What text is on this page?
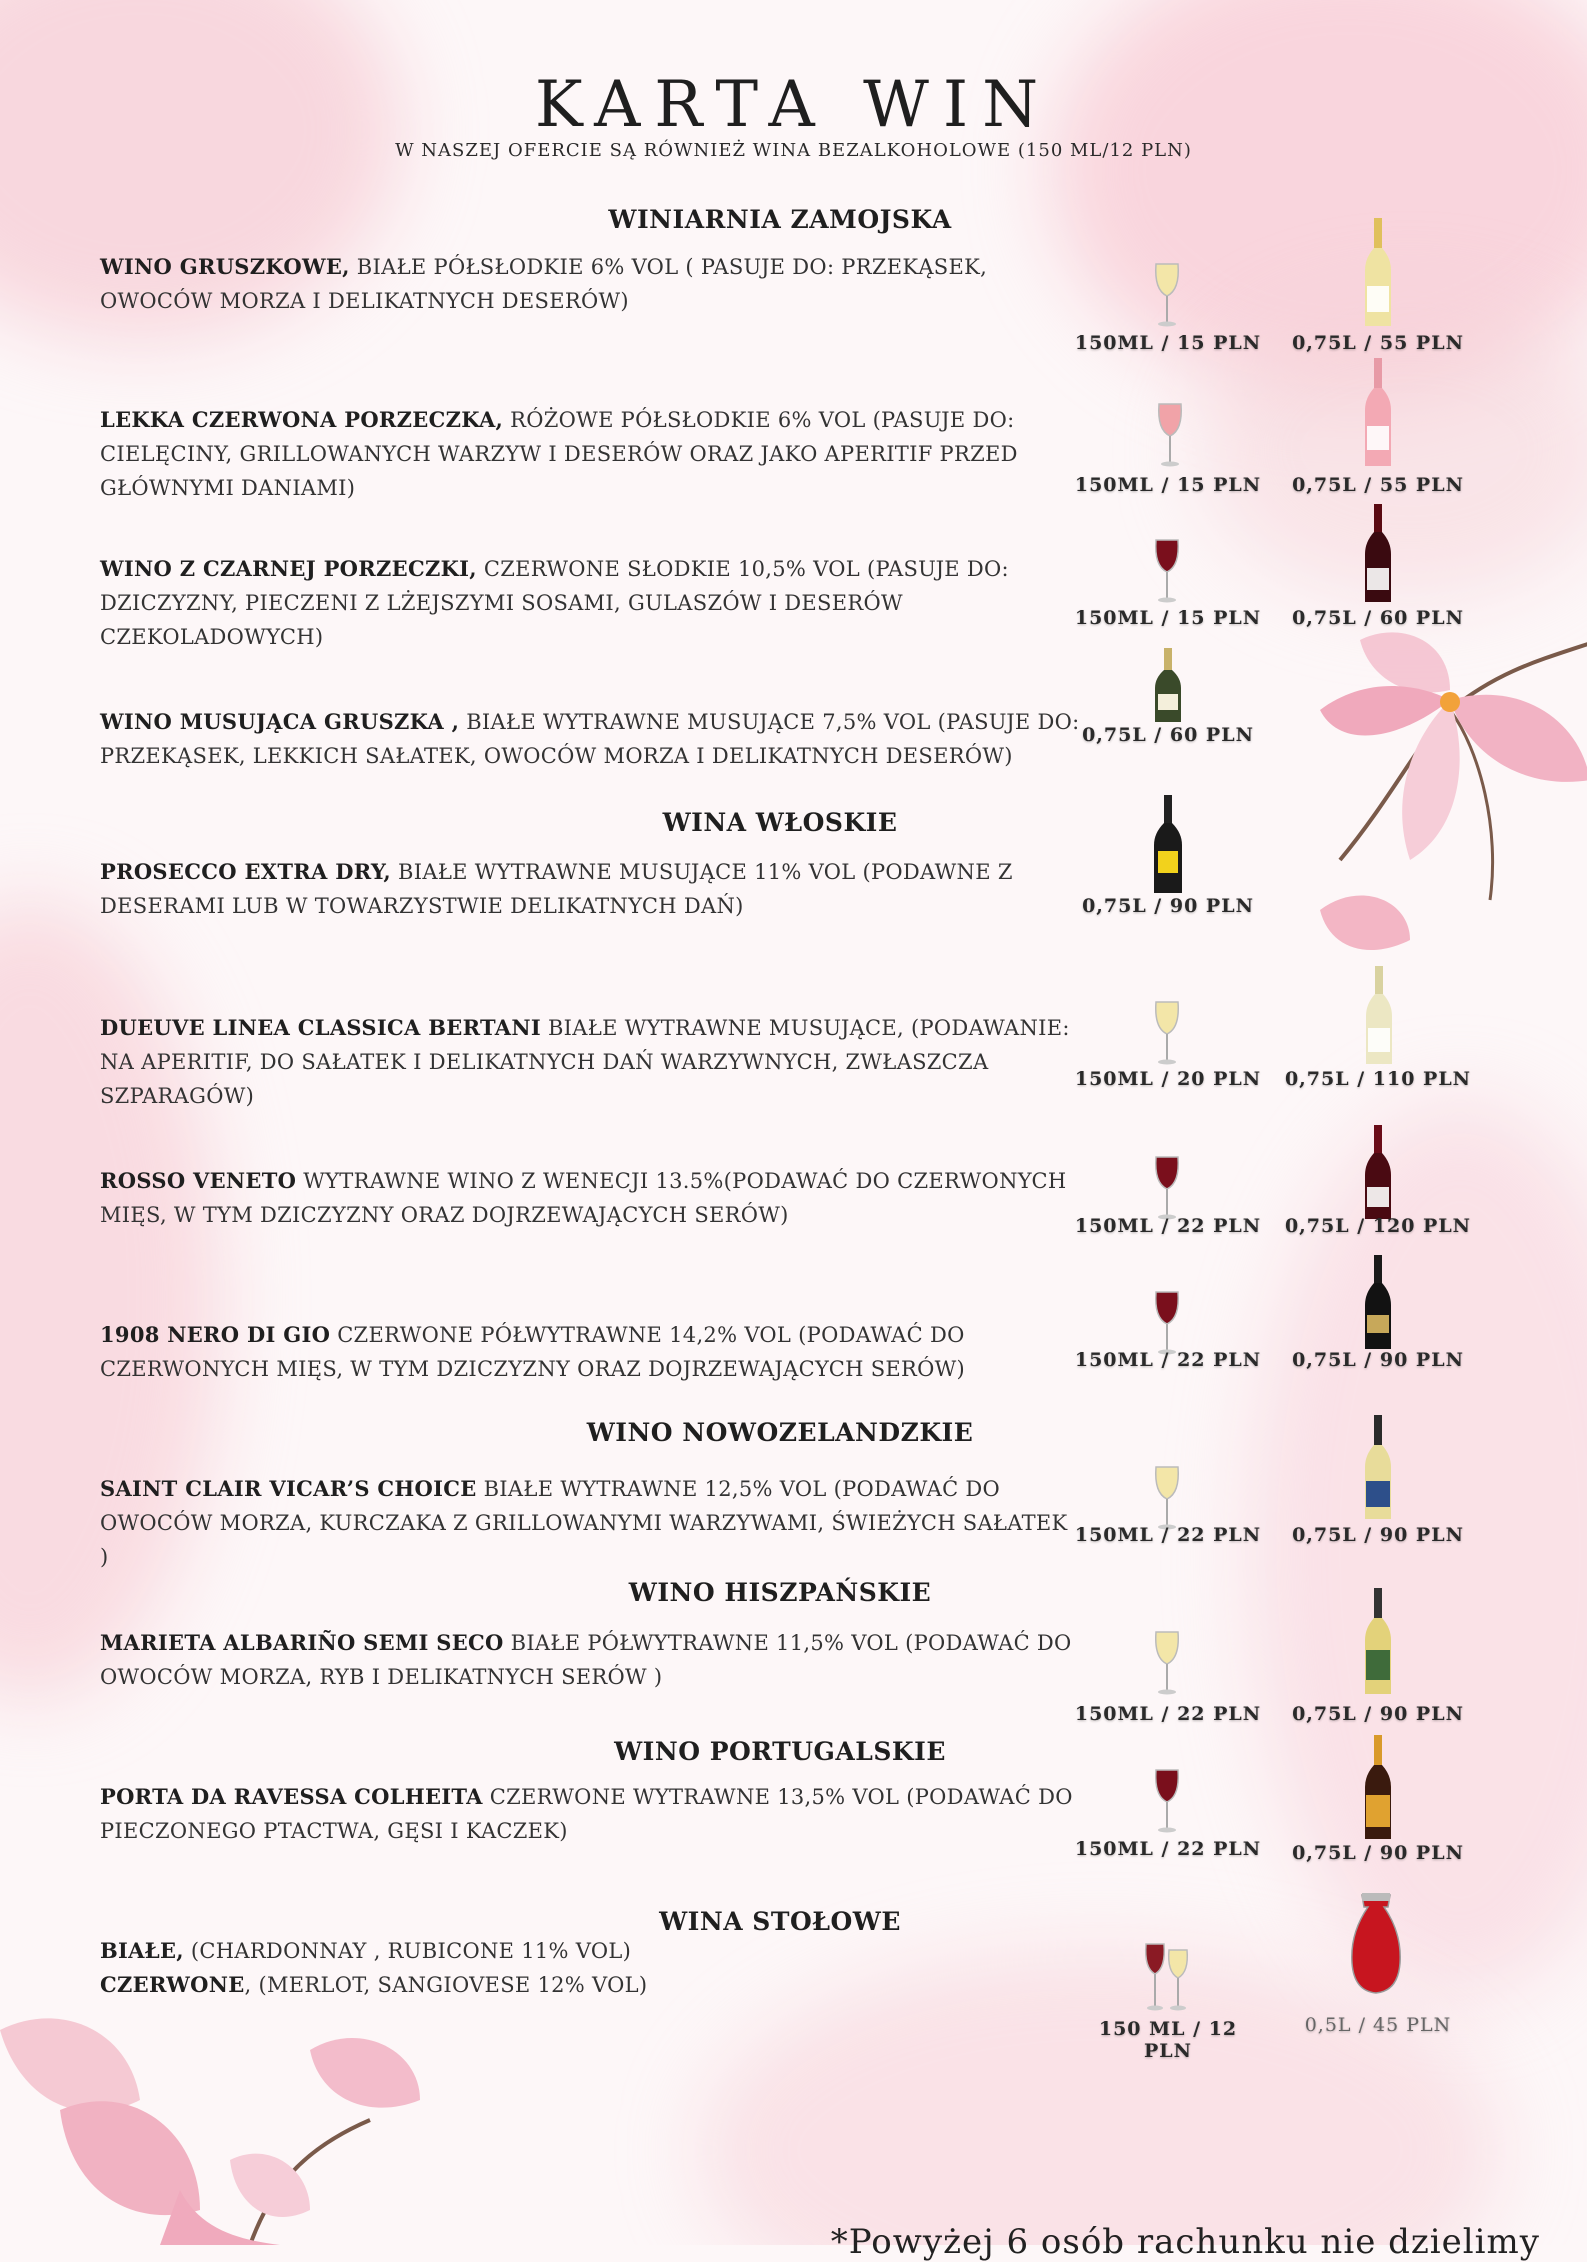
KARTA WIN
W NASZEJ OFERCIE SĄ RÓWNIEŻ WINA BEZALKOHOLOWE (150 ML/12 PLN)
WINIARNIA ZAMOJSKA
WINO GRUSZKOWE, BIAŁE PÓŁSŁODKIE 6% VOL ( PASUJE DO: PRZEKĄSEK, OWOCÓW MORZA I DELIKATNYCH DESERÓW)
150ML / 15 PLN	0,75L / 55 PLN
LEKKA CZERWONA PORZECZKA, RÓŻOWE PÓŁSŁODKIE 6% VOL (PASUJE DO: CIELĘCINY, GRILLOWANYCH WARZYW I DESERÓW ORAZ JAKO APERITIF PRZED GŁÓWNYMI DANIAMI)	150ML / 15 PLN	0,75L / 55 PLN
WINO Z CZARNEJ PORZECZKI, CZERWONE SŁODKIE 10,5% VOL (PASUJE DO: DZICZYZNY, PIECZENI Z LŻEJSZYMI SOSAMI, GULASZÓW I DESERÓW CZEKOLADOWYCH)
150ML / 15 PLN	0,75L / 60 PLN
WINO MUSUJĄCA GRUSZKA , BIAŁE WYTRAWNE MUSUJĄCE 7,5% VOL (PASUJE DO: PRZEKĄSEK, LEKKICH SAŁATEK, OWOCÓW MORZA I DELIKATNYCH DESERÓW)
0,75L / 60 PLN
WINA WŁOSKIE
PROSECCO EXTRA DRY, BIAŁE WYTRAWNE MUSUJĄCE 11% VOL (PODAWNE Z DESERAMI LUB W TOWARZYSTWIE DELIKATNYCH DAŃ)	0,75L / 90 PLN
DUEUVE LINEA CLASSICA BERTANI BIAŁE WYTRAWNE MUSUJĄCE, (PODAWANIE: NA APERITIF, DO SAŁATEK I DELIKATNYCH DAŃ WARZYWNYCH, ZWŁASZCZA SZPARAGÓW)
150ML / 20 PLN 0,75L / 110 PLN
ROSSO VENETO WYTRAWNE WINO Z WENECJI 13.5%(PODAWAĆ DO CZERWONYCH MIĘS, W TYM DZICZYZNY ORAZ DOJRZEWAJĄCYCH SERÓW)	150ML / 22 PLN 0,75L / 120 PLN
1908 NERO DI GIO CZERWONE PÓŁWYTRAWNE 14,2% VOL (PODAWAĆ DO CZERWONYCH MIĘS, W TYM DZICZYZNY ORAZ DOJRZEWAJĄCYCH SERÓW)	150ML / 22 PLN	0,75L / 90 PLN
WINO NOWOZELANDZKIE
SAINT CLAIR VICAR’S CHOICE BIAŁE WYTRAWNE 12,5% VOL (PODAWAĆ DO OWOCÓW MORZA, KURCZAKA Z GRILLOWANYMI WARZYWAMI, ŚWIEŻYCH SAŁATEK )
150ML / 22 PLN	0,75L / 90 PLN
WINO HISZPAŃSKIE
MARIETA ALBARIÑO SEMI SECO BIAŁE PÓŁWYTRAWNE 11,5% VOL (PODAWAĆ DO OWOCÓW MORZA, RYB I DELIKATNYCH SERÓW )
150ML / 22 PLN	0,75L / 90 PLN
WINO PORTUGALSKIE
PORTA DA RAVESSA COLHEITA CZERWONE WYTRAWNE 13,5% VOL (PODAWAĆ DO PIECZONEGO PTACTWA, GĘSI I KACZEK)
150ML / 22 PLN	0,75L / 90 PLN
WINA STOŁOWE
BIAŁE, (CHARDONNAY , RUBICONE 11% VOL)
CZERWONE, (MERLOT, SANGIOVESE 12% VOL)
150 ML / 12 PLN
0,5L / 45 PLN
*Powyżej 6 osób rachunku nie dzielimy
